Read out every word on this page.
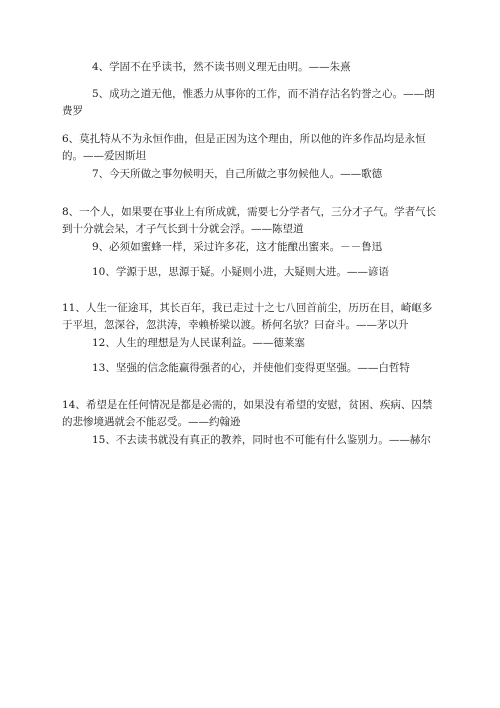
4、学固不在乎读书，然不读书则义理无由明。——朱熹

5、成功之道无他，惟悉力从事你的工作，而不消存沽名钓誉之心。——朗费罗

6、莫扎特从不为永恒作曲，但是正因为这个理由，所以他的许多作品均是永恒的。——爱因斯坦

7、今天所做之事勿候明天，自己所做之事勿候他人。——歌德

8、一个人，如果要在事业上有所成就，需要七分学者气，三分才子气。学者气长到十分就会呆，才子气长到十分就会浮。——陈望道

9、必须如蜜蜂一样，采过许多花，这才能酿出蜜来。－－鲁迅

10、学源于思，思源于疑。小疑则小进，大疑则大进。——谚语

11、人生一征途耳，其长百年，我已走过十之七八回首前尘，历历在目，崎岖多于平坦，忽深谷，忽洪涛，幸赖桥梁以渡。桥何名欤？曰奋斗。——茅以升

12、人生的理想是为人民谋利益。——德莱塞

13、坚强的信念能赢得强者的心，并使他们变得更坚强。——白哲特

14、希望是在任何情况是都是必需的，如果没有希望的安慰，贫困、疾病、囚禁的悲惨境遇就会不能忍受。——约翰逊

15、不去读书就没有真正的教养，同时也不可能有什么鉴别力。——赫尔
